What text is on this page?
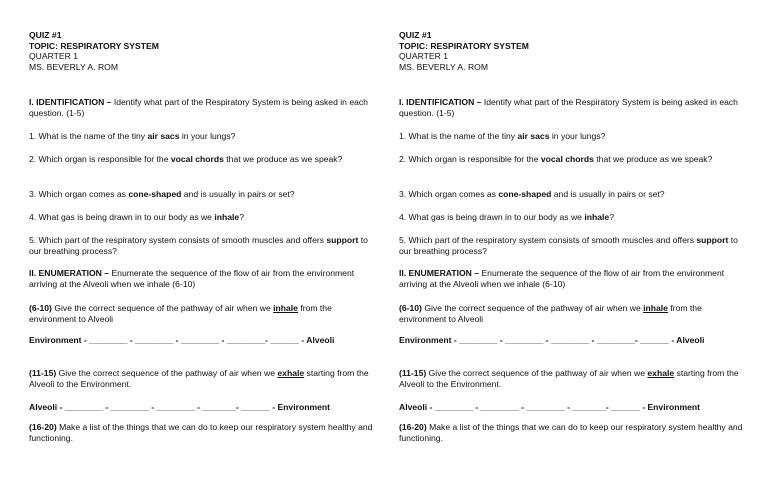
QUIZ #1
TOPIC: RESPIRATORY SYSTEM
QUARTER 1
MS. BEVERLY A. ROM
I. IDENTIFICATION – Identify what part of the Respiratory System is being asked in each question. (1-5)
1. What is the name of the tiny air sacs in your lungs?
2. Which organ is responsible for the vocal chords that we produce as we speak?
3. Which organ comes as cone-shaped and is usually in pairs or set?
4. What gas is being drawn in to our body as we inhale?
5. Which part of the respiratory system consists of smooth muscles and offers support to our breathing process?
II. ENUMERATION – Enumerate the sequence of the flow of air from the environment arriving at the Alveoli when we inhale (6-10)
(6-10) Give the correct sequence of the pathway of air when we inhale from the environment to Alveoli
Environment - ________ - ________ - ________ - ________- ______ - Alveoli
(11-15) Give the correct sequence of the pathway of air when we exhale starting from the Alveoli to the Environment.
Alveoli - ________ - ________ - ________ - _______- ______ - Environment
(16-20) Make a list of the things that we can do to keep our respiratory system healthy and functioning.
QUIZ #1
TOPIC: RESPIRATORY SYSTEM
QUARTER 1
MS. BEVERLY A. ROM
I. IDENTIFICATION – Identify what part of the Respiratory System is being asked in each question. (1-5)
1. What is the name of the tiny air sacs in your lungs?
2. Which organ is responsible for the vocal chords that we produce as we speak?
3. Which organ comes as cone-shaped and is usually in pairs or set?
4. What gas is being drawn in to our body as we inhale?
5. Which part of the respiratory system consists of smooth muscles and offers support to our breathing process?
II. ENUMERATION – Enumerate the sequence of the flow of air from the environment arriving at the Alveoli when we inhale (6-10)
(6-10) Give the correct sequence of the pathway of air when we inhale from the environment to Alveoli
Environment - ________ - ________ - ________ - ________- ______ - Alveoli
(11-15) Give the correct sequence of the pathway of air when we exhale starting from the Alveoli to the Environment.
Alveoli - ________ - ________ - ________ - _______- ______ - Environment
(16-20) Make a list of the things that we can do to keep our respiratory system healthy and functioning.
